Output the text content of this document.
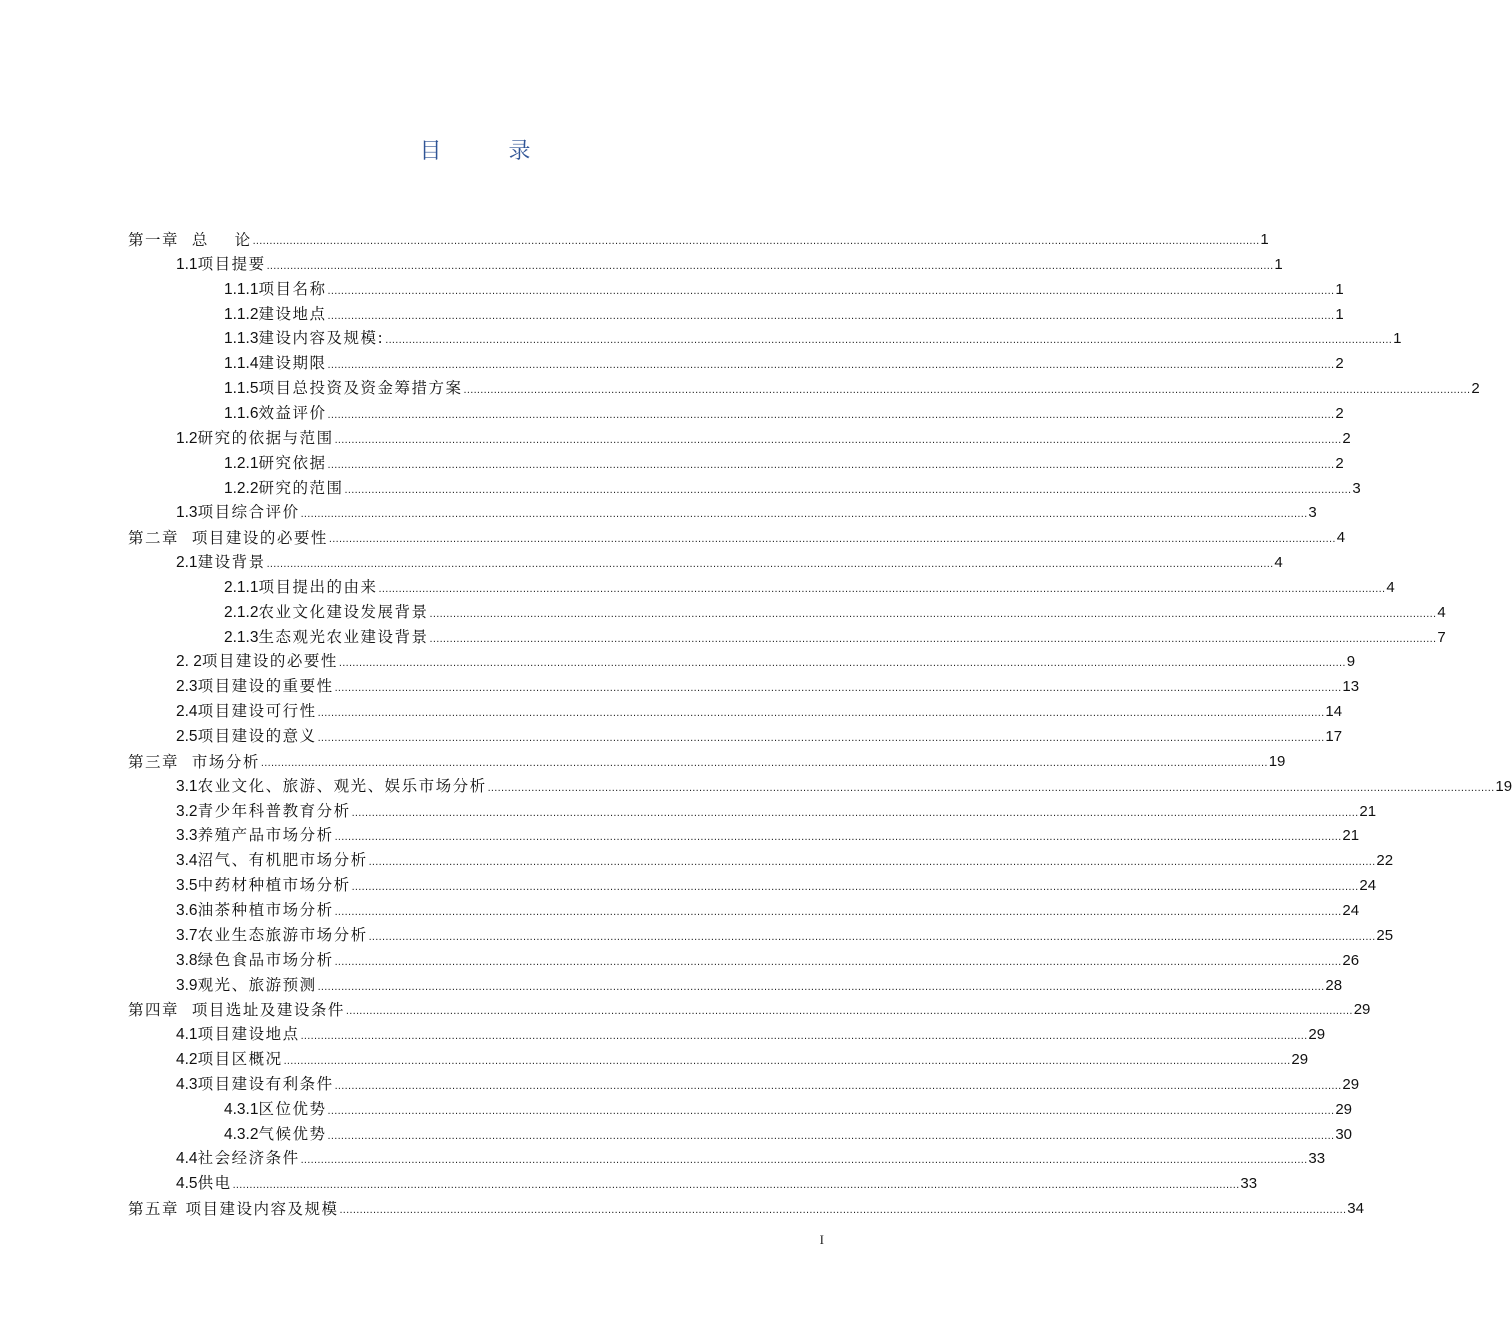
目 录
第一章  总    论 ............................................................................................................................................................................................................................................................................................................ 1
1.1项目提要 ............................................................................................................................................................................................................................................................................................................ 1
1.1.1项目名称 ............................................................................................................................................................................................................................................................................................................ 1
1.1.2建设地点 ............................................................................................................................................................................................................................................................................................................ 1
1.1.3建设内容及规模: ............................................................................................................................................................................................................................................................................................................ 1
1.1.4建设期限 ............................................................................................................................................................................................................................................................................................................ 2
1.1.5项目总投资及资金筹措方案 ............................................................................................................................................................................................................................................................................................................ 2
1.1.6效益评价 ............................................................................................................................................................................................................................................................................................................ 2
1.2研究的依据与范围 ............................................................................................................................................................................................................................................................................................................ 2
1.2.1研究依据 ............................................................................................................................................................................................................................................................................................................ 2
1.2.2研究的范围 ............................................................................................................................................................................................................................................................................................................ 3
1.3项目综合评价 ............................................................................................................................................................................................................................................................................................................ 3
第二章  项目建设的必要性 ............................................................................................................................................................................................................................................................................................................ 4
2.1建设背景 ............................................................................................................................................................................................................................................................................................................ 4
2.1.1项目提出的由来 ............................................................................................................................................................................................................................................................................................................ 4
2.1.2农业文化建设发展背景 ............................................................................................................................................................................................................................................................................................................ 4
2.1.3生态观光农业建设背景 ............................................................................................................................................................................................................................................................................................................ 7
2. 2项目建设的必要性 ............................................................................................................................................................................................................................................................................................................ 9
2.3项目建设的重要性 ............................................................................................................................................................................................................................................................................................................ 13
2.4项目建设可行性 ............................................................................................................................................................................................................................................................................................................ 14
2.5项目建设的意义 ............................................................................................................................................................................................................................................................................................................ 17
第三章  市场分析 ............................................................................................................................................................................................................................................................................................................ 19
3.1农业文化、旅游、观光、娱乐市场分析 ............................................................................................................................................................................................................................................................................................................ 19
3.2青少年科普教育分析 ............................................................................................................................................................................................................................................................................................................ 21
3.3养殖产品市场分析 ............................................................................................................................................................................................................................................................................................................ 21
3.4沼气、有机肥市场分析 ............................................................................................................................................................................................................................................................................................................ 22
3.5中药材种植市场分析 ............................................................................................................................................................................................................................................................................................................ 24
3.6油茶种植市场分析 ............................................................................................................................................................................................................................................................................................................ 24
3.7农业生态旅游市场分析 ............................................................................................................................................................................................................................................................................................................ 25
3.8绿色食品市场分析 ............................................................................................................................................................................................................................................................................................................ 26
3.9观光、旅游预测 ............................................................................................................................................................................................................................................................................................................ 28
第四章  项目选址及建设条件 ............................................................................................................................................................................................................................................................................................................ 29
4.1项目建设地点 ............................................................................................................................................................................................................................................................................................................ 29
4.2项目区概况 ............................................................................................................................................................................................................................................................................................................ 29
4.3项目建设有利条件 ............................................................................................................................................................................................................................................................................................................ 29
4.3.1区位优势 ............................................................................................................................................................................................................................................................................................................ 29
4.3.2气候优势 ............................................................................................................................................................................................................................................................................................................ 30
4.4社会经济条件 ............................................................................................................................................................................................................................................................................................................ 33
4.5供电 ............................................................................................................................................................................................................................................................................................................ 33
第五章 项目建设内容及规模 ............................................................................................................................................................................................................................................................................................................ 34
I
